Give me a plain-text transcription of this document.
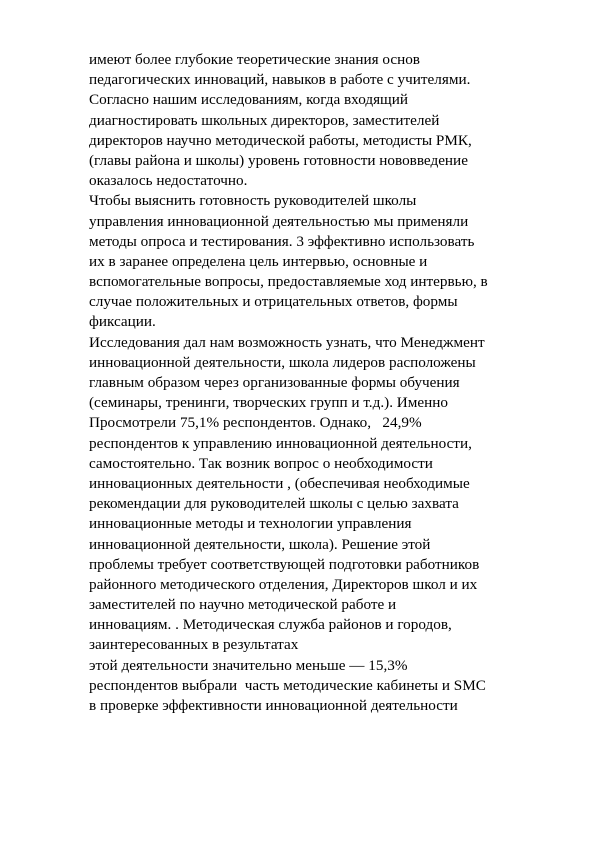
имеют более глубокие теоретические знания основ
педагогических инноваций, навыков в работе с учителями.
Согласно нашим исследованиям, когда входящий
диагностировать школьных директоров, заместителей
директоров научно методической работы, методисты РМК,
(главы района и школы) уровень готовности нововведение
оказалось недостаточно.
Чтобы выяснить готовность руководителей школы
управления инновационной деятельностью мы применяли
методы опроса и тестирования. 3 эффективно использовать
их в заранее определена цель интервью, основные и
вспомогательные вопросы, предоставляемые ход интервью, в
случае положительных и отрицательных ответов, формы
фиксации.
Исследования дал нам возможность узнать, что Менеджмент
инновационной деятельности, школа лидеров расположены
главным образом через организованные формы обучения
(семинары, тренинги, творческих групп и т.д.). Именно
Просмотрели 75,1% респондентов. Однако,   24,9%
респондентов к управлению инновационной деятельности,
самостоятельно. Так возник вопрос о необходимости
инновационных деятельности , (обеспечивая необходимые
рекомендации для руководителей школы с целью захвата
инновационные методы и технологии управления
инновационной деятельности, школа). Решение этой
проблемы требует соответствующей подготовки работников
районного методического отделения, Директоров школ и их
заместителей по научно методической работе и
инновациям. . Методическая служба районов и городов,
заинтересованных в результатах
этой деятельности значительно меньше — 15,3%
респондентов выбрали  часть методические кабинеты и SMC
в проверке эффективности инновационной деятельности
